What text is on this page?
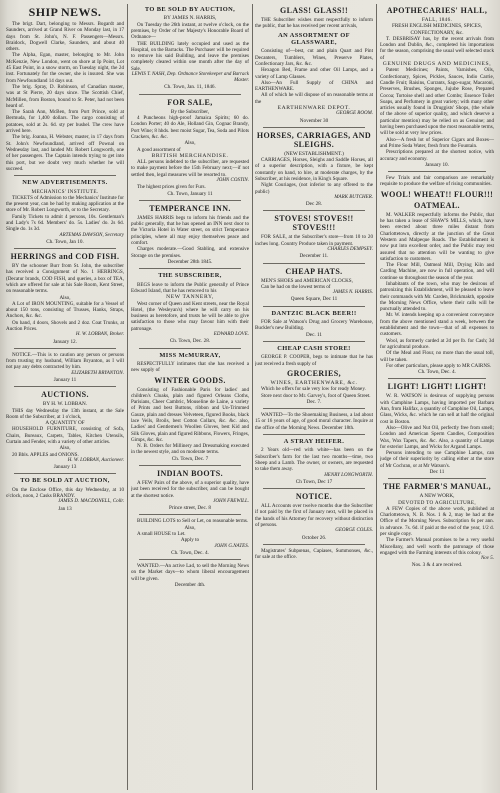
SHIP NEWS.

The brigt. Dart, belonging to Messrs. Bogardt and Saunders, arrived at Grand River on Monday last, in 17 days from St. John's, N. F. Passengers—Messrs. Braidock, Dogwell Clarke, Saunders, and about 40 others.

The Alpha, Egan, master, belonging to Mr. John McKenzie, New London, went on shore at Ip Point, Lot 45 East Point, in a snow storm, on Tuesday night, the 2d inst. Fortunately for the owner, she is insured. She was from Newfoundland 14 days out.

The brig. Spray, D. Robinson, of Canadian master, was at St Pierre, 20 days since. The Scottish Chief, McMillen, from Boston, bound to St. Peter, had not been heard of.

The Sarah Ann, McBen, from Port Prince, sold at Bermuda, for 1,400 dollars. The cargo consisting of potatoes, sold at 2s. 6d. sty per bushel. The crew have arrived here.

The brig. Joanna, H. Webster, master, in 17 days from St. John's Newfoundland, arrived off Pownal on Wednesday last, and landed Mr. Robert Longworth, one of her passengers. The Captain intends trying to get into this port, but we doubt very much whether he will succeed.

NEW ADVERTISEMENTS.
MECHANICS' INSTITUTE.

TICKETS of Admission to the Mechanics' Institute for the present year, can be had by making application at the store of Mr. Robert Longworth, or to the Secretary.

Family Tickets to admit 4 persons, 10s. Gentleman's and Lady's 7s 6d. Members' do. 5s. Ladies' do. 2s 6d. Single do. 1s 3d.

ARTEMAS DAWSON, Secretary
Ch. Town, Jan 10.
HERRINGS and COD FISH.

BY the schooner Burr from St. John, the subscriber has received a Consignment of No. 1 HERRINGS, (Decatur brands, COD FISH, and queries, a box of TEA, which are offered for sale at his Sale Room, Kent Street, on reasonable terms.

Also,

A Lot of IRON MOUNTING, suitable for a Vessel of about 150 tons, consisting of Trusses, Hanks, Straps, Anchors, &c. &c.

On hand, 4 doors, Shovels and 2 doz. Coat Trunks, at Auction Prices.

H. W. LOBBAN, Broker.
January 12.

NOTICE.—This is to caution any person or persons from trusting my husband, William Bryanton, as I will not pay any debts contracted by him.

ELIZABETH BRYANTON.
January 11
AUCTIONS.
BY H. W. LOBBAN.

THIS day Wednesday the 13th instant, at the Sale Room of the Subscriber, at 1 o'clock,

A QUANTITY OF

HOUSEHOLD FURNITURE, consisting of Sofa, Chairs, Bureaux, Carpets, Tables, Kitchen Utensils, Curtain and Fender, with a variety of other articles.

Also,

20 Bbls. APPLES and ONIONS.

H. W. LOBBAN, Auctioneer.
January 13
TO BE SOLD AT AUCTION,

On the Enclose Office, this day Wednesday, at 10 o'clock, noon, 2 Casks BRANDY.

JAMES D. MACDONELL, Collr.
Jan 13
TO BE SOLD BY AUCTION,
BY JAMES N. HARRIS,

On Tuesday the 26th instant, at twelve o'clock, on the premises, by Order of her Majesty's Honorable Board of Ordnance—

THE BUILDING lately occupied and used as the Hospital, on the Barracks. The Purchaser will be required to remove his said Building, and leave the premises completely cleared within one month after the day of Sale.

LEWIS T. NASH, Dep. Ordnance Storekeeper and Barrack Master.
Ch. Town, Jan. 11, 1846.
FOR SALE,
By the Subscriber,

4 Puncheons high-proof Jamaica Spirits; 60 do. London Porter; 40 do Ale, Holland Gin, Cognac Brandy, Port Wine; 8 hhds. best moist Sugar, Tea, Soda and Pilots Crackers, &c. &c.

Also,

A good assortment of

BRITISH MERCHANDISE.

ALL persons indebted to the subscriber, are requested to make payment before the 15th February next;—if not settled then, legal measures will be resorted to.

JOHN COSTIN.

The highest prices given for Furs.

Ch. Town, January 11
TEMPERANCE INN.

JAMES HARRIS begs to inform his friends and the public generally, that he has opened an INN next door to the Victoria Hotel in Water street, on strict Temperance principles, where all may enjoy themselves peace and comfort.

Charges moderate.—Good Stabling, and extensive Storage on the premises.

December 28th 1845.
THE SUBSCRIBER,

BEGS leave to inform the Public generally of Prince Edward Island, that he has removed to his

NEW TANNERY,

West corner of Queen and Kent streets, near the Royal Hotel, (the Wesleyan's) where he will carry on his business as heretofore, and trusts he will be able to give satisfaction to those who may favour him with their patronage.

EDWARD LOVE.
Ch. Town, Dec. 28.
MISS McMURRAY,

RESPECTFULLY intimates that she has received a new supply of

WINTER GOODS.

Consisting of Fashionable Paris for ladies' and children's Cloaks, plain and figured Orleans Cloths, Parisians, Cheer Cambric, Mouseline de Laine, a variety of Prints and best Buttons, ribbon and Un-Trimmed Gauze, plain and dresses Velveteen, figured Books, black lace Veils, Broils, best Cotton Collars, &c. &c. also, Ladies' and Gentlemen's Woollen Gloves, best Kid and Silk Gloves, plain and figured Ribbons, Flowers, Fringes, Gimps, &c. &c.

N. B. Orders for Millinery and Dressmaking executed in the newest style, and on moderate terms.

Ch. Town, Dec. 7
INDIAN BOOTS.

A FEW Pairs of the above, of a superior quality, have just been received for the subscriber, and can be bought at the shortest notice.

JOHN FREWILL.
Prince street, Dec. 8

BUILDING LOTS to Sell or Let, on reasonable terms.

Also,

A small HOUSE to Let.

Apply to
JOHN G.NATES.
Ch. Town, Dec. 4.

WANTED.—An active Lad, to sell the Morning News on the Market days—to whom liberal encouragement will be given.

December 4th.
GLASS! GLASS!!

THE Subscriber wishes most respectfully to inform the public, that he has received per recent arrivals,

AN ASSORTMENT OF GLASSWARE,

Consisting of—best, cut and plain Quart and Pint Decanters, Tumblers, Wines, Preserve Plates, Confectionary Jars, &c. &c.

Hexagon Bed, Frame and other Oil Lamps, and a variety of Lamp Glasses.

Also—An Full Supply of CHINA and EARTHENWARE.

All of which he will dispose of on reasonable terms at the

EARTHENWARE DEPOT.
GEORGE ROOM.
November 30
HORSES, CARRIAGES, AND SLEIGHS.
(NEW ESTABLISHMENT.)

CARRIAGES, Horses, Sleighs and Saddle Horses, all of a superior description, with a fixture, be kept constantly on hand, to hire, at moderate charges, by the Subscriber, at his residence, in King's Square.

Night Couriages, (not inferior to any offered to the public)

MARK BUTCHER.
Dec 28.
STOVES! STOVES!! STOVES!!!

FOR SALE, at the Subscriber's store—from 10 to 20 inches long. Country Produce taken in payment.

CHARLES DEMPSEY.
December 11.
CHEAP HATS.

MEN'S SHOES and AMERICAN CLOCKS,

Can be had on the lowest terms of

JAMES N. HARRIS.
Queen Square, Dec 11
DANTZIC BLACK BEER!!

FOR Sale at Watson's Drug and Grocery Warehouse, Buckler's new Building.

Dec. 11
CHEAP CASH STORE!

GEORGE P. COOPER, begs to intimate that he has just received a fresh supply of

GROCERIES,
WINES, EARTHENWARE, &c.

Which he offers for sale very low for ready Money.

Store next door to Mr. Garvey's, foot of Queen Street.

Dec. 7.

WANTED—To the Shoemaking Business, a lad about 15 or 16 years of age, of good moral character. Inquire at the office of the Morning News. December 18th.

A STRAY HEIFER.

2 Years old—red with white—has been on the Subscriber's farm for the last two months—time, two Sheep and a Lamb. The owner, or owners, are requested to take them away.

HENRY LONGWORTH.
Ch Town, Dec 17
NOTICE.

ALL Accounts over twelve months due the Subscriber if not paid by the first of January next, will be placed in the hands of his Attorney for recovery without distinction of persons.

GEORGE COLES.
October 26.

Magistrates' Subpœnas, Capiases, Summonses, &c., for sale at the office.

APOTHECARIES' HALL,
FALL, 1846.
FRESH ENGLISH MEDICINES, SPICES, CONFECTIONARY, &c.

T. DESBRISAY has, by the recent arrivals from London and Dublin, &c., completed his importations for the season, comprising the usual well selected stock of

GENUINE DRUGS AND MEDICINES,

Patent Medicines; Paints, Varnishes, Oils, Confectionary, Spices, Pickles, Sauces, Indio Carrie, Candle Fruit; Raisins, Currants, Sago-sugar, Macaroni, Preserves, Brushes, Sponges, Jujube Rose, Prepared Cocoa; Tortoise shell and other Combs; Essence Toilet Soaps, and Perfumery in great variety; with many other articles usually found in Druggists' Shops, (the whole of the above of superior quality, and which deserve a particular mention) may be relied on as Genuine; and having been purchased upon the most reasonable terms, will be sold at very low prices.

Also—A fresh lot of Superior Cigars and Boxes—and Prime Soda Water, fresh from the Fountain.

Prescriptions prepared at the shortest notice, with accuracy and economy.

January 10.

Few Trials and fair comparison are remarkably requisite to produce the welfare of rising communities.

WOOL! WHEAT!! FLOUR!!!
OATMEAL.

M. WALKER respectfully informs the Public, that he has taken a lease of SHAW'S MILLS, which, have been erected about three miles distant from Charlottetown, directly at the junction of the Great Western and Malpeque Roads. The Establishment is now put into excellent order, and the Public may rest assured that no attention will be wanting to give satisfaction to customers.

The Flour Mill, Oatmeal Mill, Drying Kiln and Carding Machine, are now in full operation, and will continue so throughout the season of the year.

Inhabitants of the town, who may be desirous of patronizing this Establishment, will be pleased to leave their commands with Mr. Carden, Brickmakth, opposite the Morning News Office, where their calls will be punctually attended to.

Mr. W. intends keeping up a convenient conveyance from the above mentioned stand a week, between the establishment and the town—that of all expenses to customers.

Wool, as formerly carded at 2d per lb. for Cash; 3d for agricultural produce.

Of the Meal and Flour, no more than the usual toll, will be taken.

For other particulars, please apply to MR CAIRNS.

Ch. Town, Dec. 4.
LIGHT! LIGHT! LIGHT!

W. R. WATSON is desirous of supplying persons with Camphine Lamps, having imported per Barbara Ann, from Halifax, a quantity of Camphine Oil, Lamps, Glass, Wicks, &c. which he can sell at half the original cost in Boston.

Also—Olive and Nut Oil, perfectly free from smell; London and American Sperm Candles, Composition Wax, Wax Tapers, &c. &c. Also, a quantity of Lamps for exterior Lamps, and Wicks for Argand Lamps.

Persons intending to use Camphine Lamps, can judge of their superiority by calling either at the store of Mr Cochran, or at Mr Watson's.

Dec 11
THE FARMER'S MANUAL,
A NEW WORK,
DEVOTED TO AGRICULTURE,

A FEW Copies of the above work, published at Charlottetown, N. B. Nos. 1 & 2, may be had at the Office of the Morning News. Subscription 6s per ann. in advance. 7s. 6d. if paid at the end of the year, 1/2 d. per single copy.

The Farmer's Manual promises to be a very useful Miscellany, and well worth the patronage of those engaged with the Farming interests of this colony.

Nov 5.
Nos. 3 & 4 are received.
